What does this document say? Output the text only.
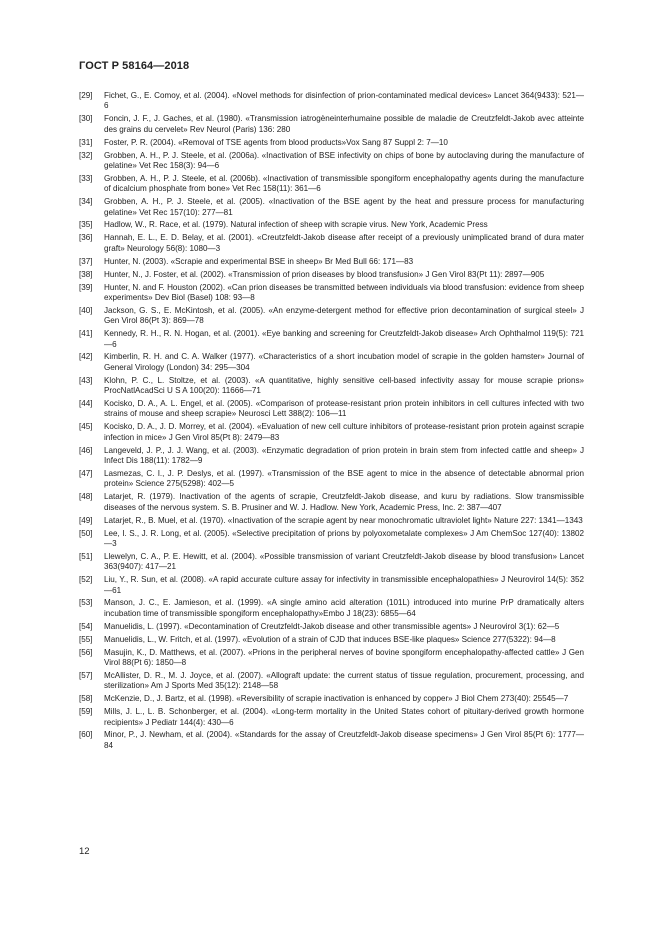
ГОСТ Р 58164—2018
[29]	Fichet, G., E. Comoy, et al. (2004). «Novel methods for disinfection of prion-contaminated medical devices» Lancet 364(9433): 521—6
[30]	Foncin, J. F., J. Gaches, et al. (1980). «Transmission iatrogèneinterhumaine possible de maladie de Creutzfeldt-Jakob avec atteinte des grains du cervelet» Rev Neurol (Paris) 136: 280
[31]	Foster, P. R. (2004). «Removal of TSE agents from blood products»Vox Sang 87 Suppl 2: 7—10
[32]	Grobben, A. H., P. J. Steele, et al. (2006a). «Inactivation of BSE infectivity on chips of bone by autoclaving during the manufacture of gelatine» Vet Rec 158(3): 94—6
[33]	Grobben, A. H., P. J. Steele, et al. (2006b). «Inactivation of transmissible spongiform encephalopathy agents during the manufacture of dicalcium phosphate from bone» Vet Rec 158(11): 361—6
[34]	Grobben, A. H., P. J. Steele, et al. (2005). «Inactivation of the BSE agent by the heat and pressure process for manufacturing gelatine» Vet Rec 157(10): 277—81
[35]	Hadlow, W., R. Race, et al. (1979). Natural infection of sheep with scrapie virus. New York, Academic Press
[36]	Hannah, E. L., E. D. Belay, et al. (2001). «Creutzfeldt-Jakob disease after receipt of a previously unimplicated brand of dura mater graft» Neurology 56(8): 1080—3
[37]	Hunter, N. (2003). «Scrapie and experimental BSE in sheep» Br Med Bull 66: 171—83
[38]	Hunter, N., J. Foster, et al. (2002). «Transmission of prion diseases by blood transfusion» J Gen Virol 83(Pt 11): 2897—905
[39]	Hunter, N. and F. Houston (2002). «Can prion diseases be transmitted between individuals via blood transfusion: evidence from sheep experiments» Dev Biol (Basel) 108: 93—8
[40]	Jackson, G. S., E. McKintosh, et al. (2005). «An enzyme-detergent method for effective prion decontamination of surgical steel» J Gen Virol 86(Pt 3): 869—78
[41]	Kennedy, R. H., R. N. Hogan, et al. (2001). «Eye banking and screening for Creutzfeldt-Jakob disease» Arch Ophthalmol 119(5): 721—6
[42]	Kimberlin, R. H. and C. A. Walker (1977). «Characteristics of a short incubation model of scrapie in the golden hamster» Journal of General Virology (London) 34: 295—304
[43]	Klohn, P. C., L. Stoltze, et al. (2003). «A quantitative, highly sensitive cell-based infectivity assay for mouse scrapie prions» ProcNatlAcadSci U S A 100(20): 11666—71
[44]	Kocisko, D. A., A. L. Engel, et al. (2005). «Comparison of protease-resistant prion protein inhibitors in cell cultures infected with two strains of mouse and sheep scrapie» Neurosci Lett 388(2): 106—11
[45]	Kocisko, D. A., J. D. Morrey, et al. (2004). «Evaluation of new cell culture inhibitors of protease-resistant prion protein against scrapie infection in mice» J Gen Virol 85(Pt 8): 2479—83
[46]	Langeveld, J. P., J. J. Wang, et al. (2003). «Enzymatic degradation of prion protein in brain stem from infected cattle and sheep» J Infect Dis 188(11): 1782—9
[47]	Lasmezas, C. I., J. P. Deslys, et al. (1997). «Transmission of the BSE agent to mice in the absence of detectable abnormal prion protein» Science 275(5298): 402—5
[48]	Latarjet, R. (1979). Inactivation of the agents of scrapie, Creutzfeldt-Jakob disease, and kuru by radiations. Slow transmissible diseases of the nervous system. S. B. Prusiner and W. J. Hadlow. New York, Academic Press, Inc. 2: 387—407
[49]	Latarjet, R., B. Muel, et al. (1970). «Inactivation of the scrapie agent by near monochromatic ultraviolet light» Nature 227: 1341—1343
[50]	Lee, I. S., J. R. Long, et al. (2005). «Selective precipitation of prions by polyoxometalate complexes» J Am ChemSoc 127(40): 13802—3
[51]	Llewelyn, C. A., P. E. Hewitt, et al. (2004). «Possible transmission of variant Creutzfeldt-Jakob disease by blood transfusion» Lancet 363(9407): 417—21
[52]	Liu, Y., R. Sun, et al. (2008). «A rapid accurate culture assay for infectivity in transmissible encephalopathies» J Neurovirol 14(5): 352—61
[53]	Manson, J. C., E. Jamieson, et al. (1999). «A single amino acid alteration (101L) introduced into murine PrP dramatically alters incubation time of transmissible spongiform encephalopathy»Embo J 18(23): 6855—64
[54]	Manuelidis, L. (1997). «Decontamination of Creutzfeldt-Jakob disease and other transmissible agents» J Neurovirol 3(1): 62—5
[55]	Manuelidis, L., W. Fritch, et al. (1997). «Evolution of a strain of CJD that induces BSE-like plaques» Science 277(5322): 94—8
[56]	Masujin, K., D. Matthews, et al. (2007). «Prions in the peripheral nerves of bovine spongiform encephalopathy-affected cattle» J Gen Virol 88(Pt 6): 1850—8
[57]	McAllister, D. R., M. J. Joyce, et al. (2007). «Allograft update: the current status of tissue regulation, procurement, processing, and sterilization» Am J Sports Med 35(12): 2148—58
[58]	McKenzie, D., J. Bartz, et al. (1998). «Reversibility of scrapie inactivation is enhanced by copper» J Biol Chem 273(40): 25545—7
[59]	Mills, J. L., L. B. Schonberger, et al. (2004). «Long-term mortality in the United States cohort of pituitary-derived growth hormone recipients» J Pediatr 144(4): 430—6
[60]	Minor, P., J. Newham, et al. (2004). «Standards for the assay of Creutzfeldt-Jakob disease specimens» J Gen Virol 85(Pt 6): 1777—84
12
